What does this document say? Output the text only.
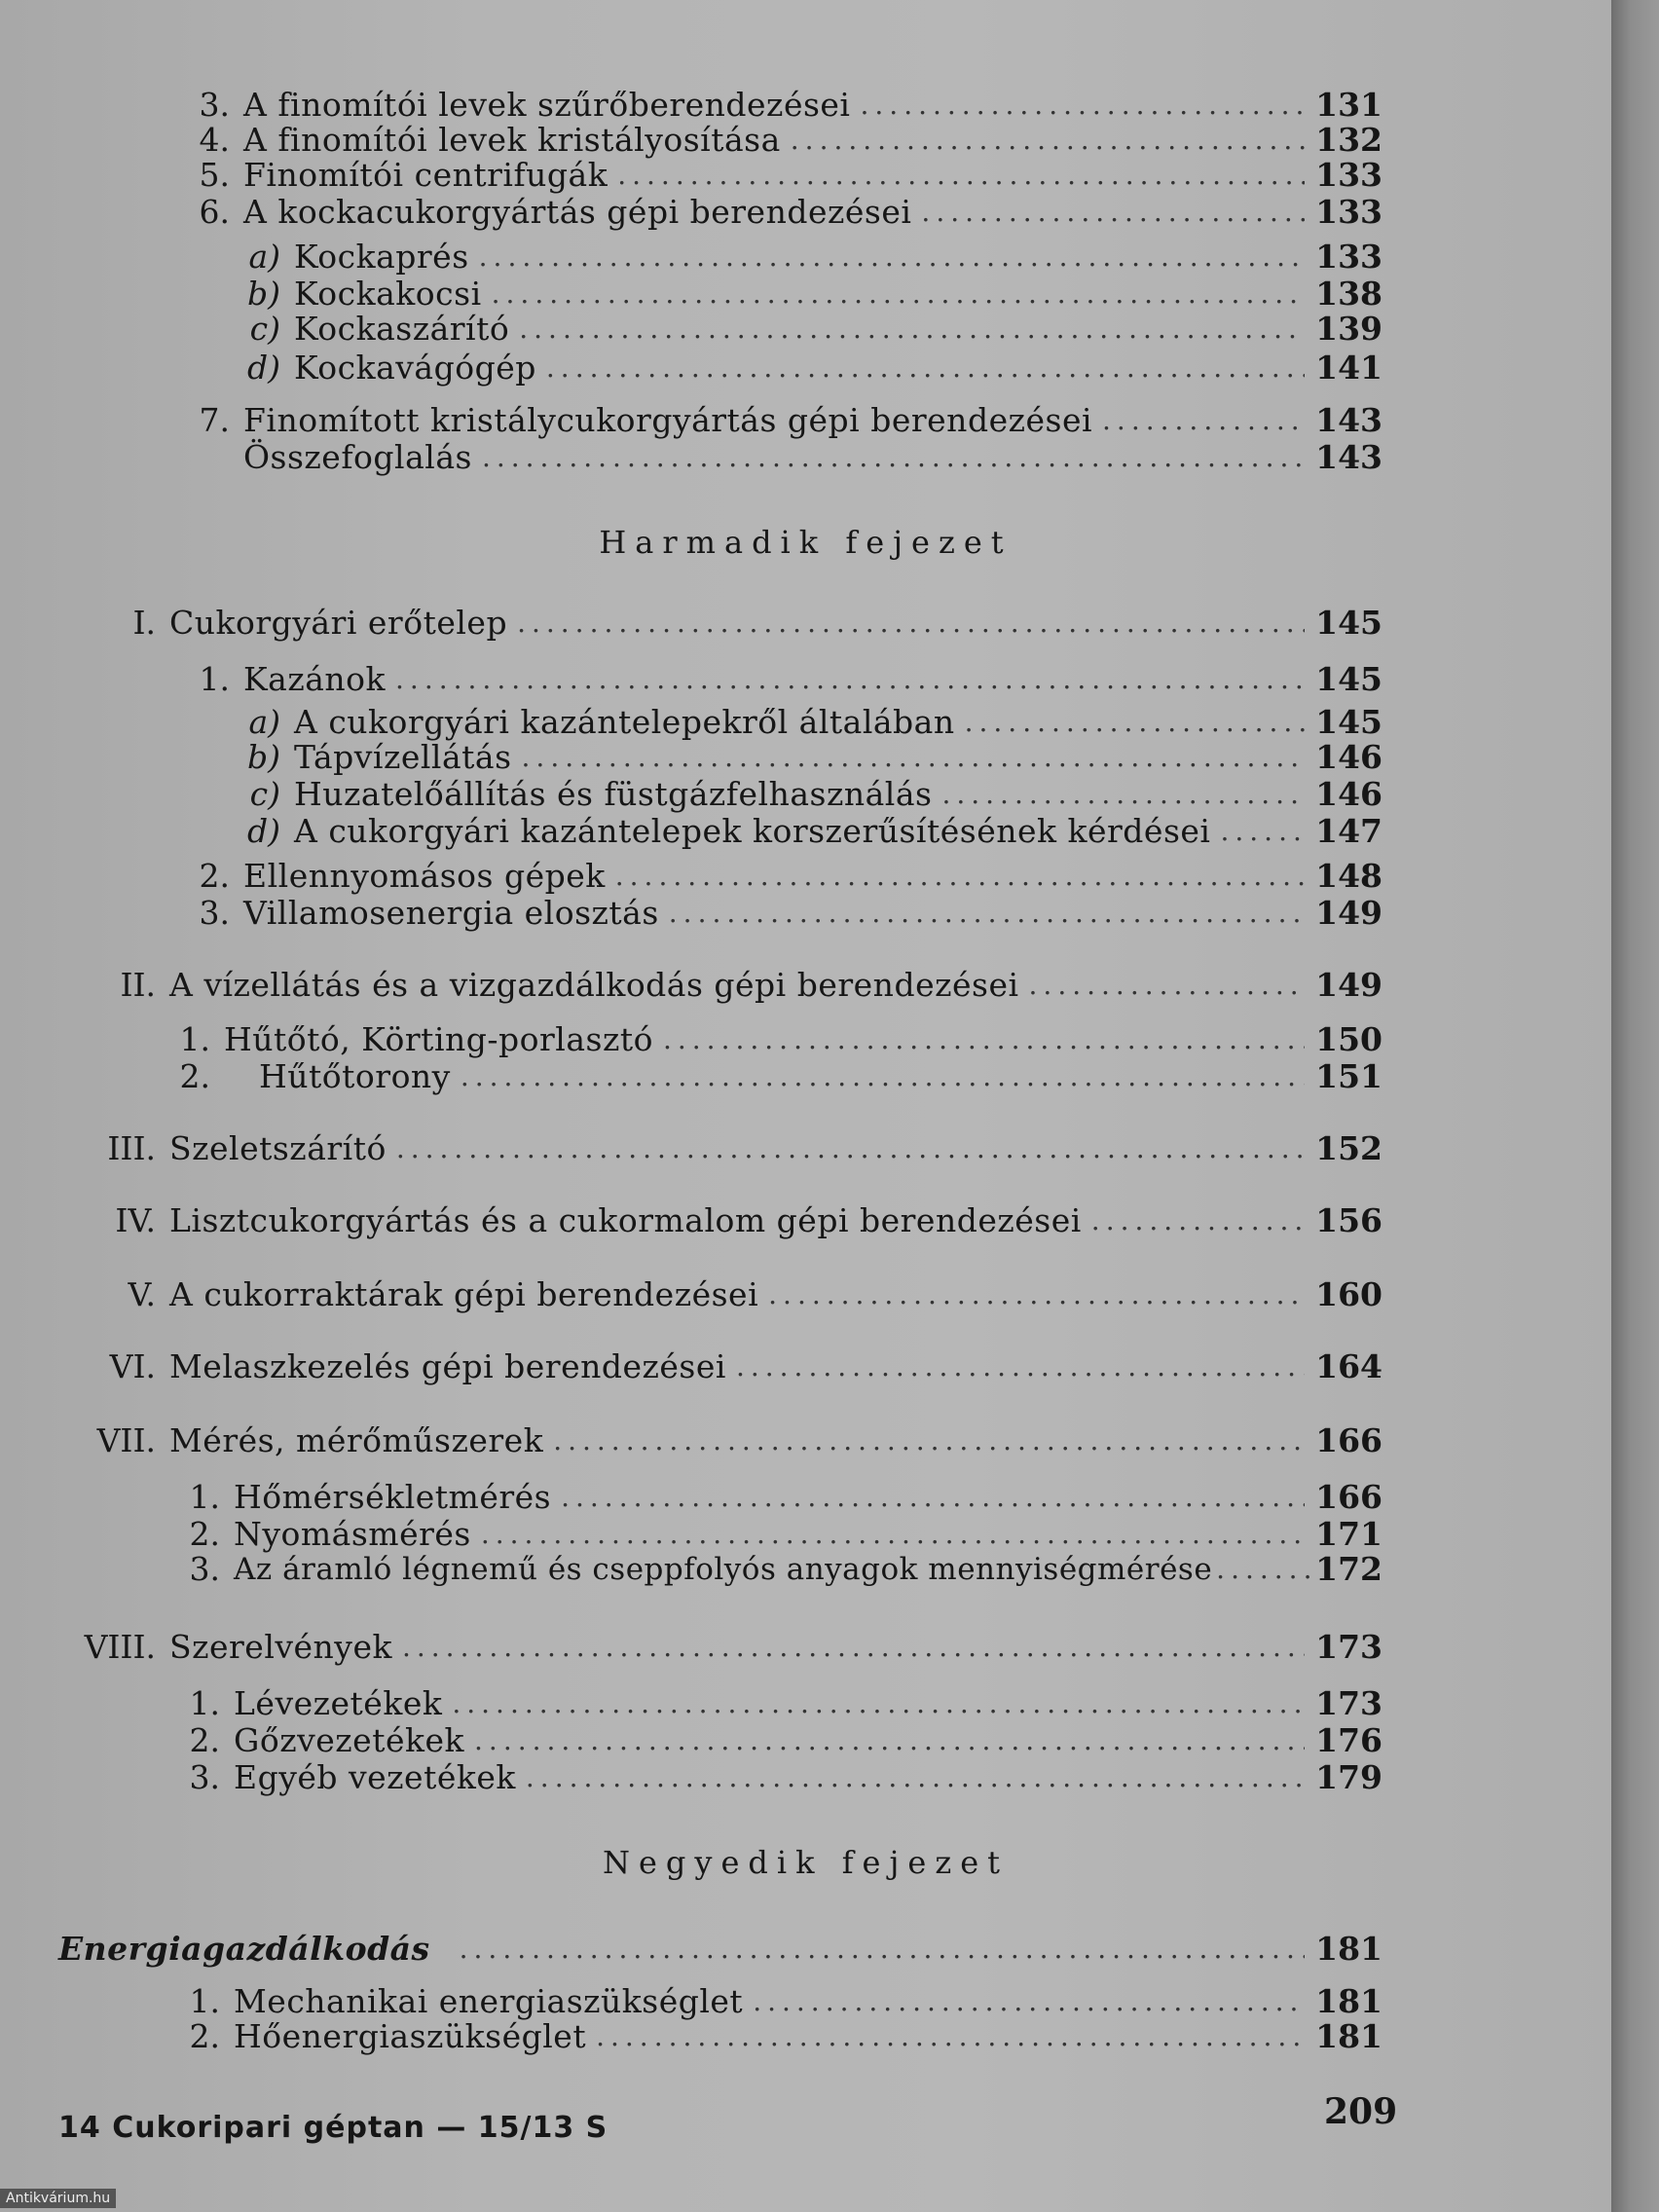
3. A finomítói levek szűrőberendezései .....	131
4. A finomítói levek kristályosítása .....	132
5. Finomítói centrifugák .....	133
6. A kockacukorgyártás gépi berendezései .....	133
a) Kockaprés .....	133
b) Kockakocsi .....	138
c) Kockaszárító .....	139
d) Kockavágógép .....	141
7. Finomított kristálycukorgyártás gépi berendezései .....	143
Összefoglalás .....	143
Harmadik fejezet
I. Cukorgyári erőtelep .....	145
1. Kazánok .....	145
a) A cukorgyári kazántelepekről általában .....	145
b) Tápvízellátás .....	146
c) Huzatelőállítás és füstgázfelhasználás .....	146
d) A cukorgyári kazántelepek korszerűsítésének kérdései .....	147
2. Ellennyomásos gépek .....	148
3. Villamosenergia elosztás .....	149
II. A vízellátás és a vizgazdálkodás gépi berendezései .....	149
1. Hűtőtó, Körting-porlasztó .....	150
2.	Hűtőtorony .....	151
III. Szeletszárító .....	152
IV. Lisztcukorgyártás és a cukormalom gépi berendezései .....	156
V. A cukorraktárak gépi berendezései .....	160
VI. Melaszkezelés gépi berendezései .....	164
VII. Mérés, mérőműszerek .....	166
1. Hőmérsékletmérés .....	166
2. Nyomásmérés .....	171
3. Az áramló légnemű és cseppfolyós anyagok mennyiségmérése .....	172
VIII. Szerelvények .....	173
1. Lévezetékek .....	173
2. Gőzvezetékek .....	176
3. Egyéb vezetékek .....	179
Negyedik fejezet
Energiagazdálkodás .....	181
1. Mechanikai energiaszükséglet .....	181
2. Hőenergiaszükséglet .....	181
14 Cukoripari géptan — 15/13 S	209
Antikvárium.hu
